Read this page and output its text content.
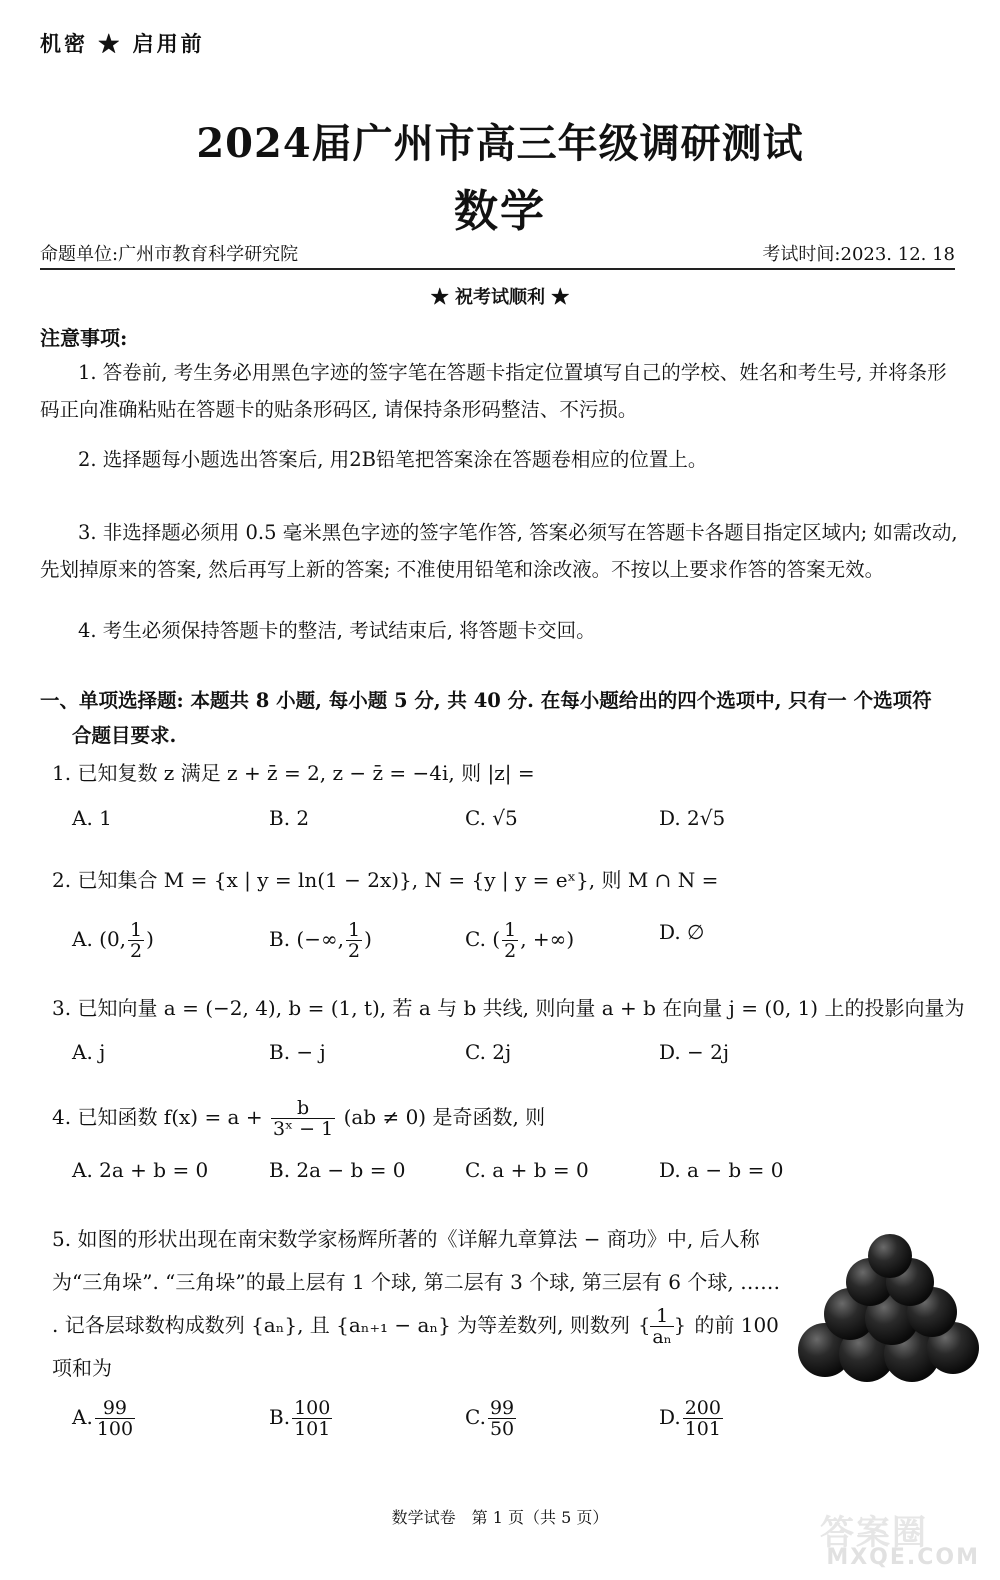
机密 ★ 启用前
2024届广州市高三年级调研测试
数学
命题单位:广州市教育科学研究院	考试时间:2023. 12. 18
★ 祝考试顺利 ★
注意事项:
1. 答卷前, 考生务必用黑色字迹的签字笔在答题卡指定位置填写自己的学校、姓名和考生号, 并将条形码正向准确粘贴在答题卡的贴条形码区, 请保持条形码整洁、不污损。
2. 选择题每小题选出答案后, 用2B铅笔把答案涂在答题卷相应的位置上。
3. 非选择题必须用 0.5 毫米黑色字迹的签字笔作答, 答案必须写在答题卡各题目指定区域内; 如需改动, 先划掉原来的答案, 然后再写上新的答案; 不准使用铅笔和涂改液。不按以上要求作答的答案无效。
4. 考生必须保持答题卡的整洁, 考试结束后, 将答题卡交回。
一、单项选择题: 本题共 8 小题, 每小题 5 分, 共 40 分. 在每小题给出的四个选项中, 只有一 个选项符
合题目要求.
1. 已知复数 z 满足 z + z̄ = 2, z − z̄ = −4i, 则 |z| =
A. 1	B. 2	C. √5	D. 2√5
2. 已知集合 M = {x | y = ln(1 − 2x)}, N = {y | y = eˣ}, 则 M ∩ N =
A. (0, $\frac{1}{2}$ )	B. (−∞, $\frac{1}{2}$ )	C. ( $\frac{1}{2}$ , +∞)	D. ∅
3. 已知向量 a = (−2, 4), b = (1, t), 若 a 与 b 共线, 则向量 a + b 在向量 j = (0, 1) 上的投影向量为
A. j	B. − j	C. 2j	D. − 2j
4. 已知函数 $f(x) = a + \frac{b}{\text{3ˣ − 1}} (ab \ne 0)$ 是奇函数, 则
A. 2a + b = 0	B. 2a − b = 0	C. a + b = 0	D. a − b = 0
5. 如图的形状出现在南宋数学家杨辉所著的《详解九章算法 − 商功》中, 后人称为“三角垛”. “三角垛”的最上层有 1 个球, 第二层有 3 个球, 第三层有 6 个球, …… . 记各层球数构成数列 {aₙ}, 且 {aₙ₊₁ − aₙ} 为等差数列, 则数列 { $\frac{1}{\text{aₙ}}$ } 的前 100 项和为
A. $\frac{99}{100}$	B. $\frac{100}{101}$	C. $\frac{99}{50}$	D. $\frac{200}{101}$
数学试卷　第 1 页（共 5 页）	答案圈
MXQE.COM
